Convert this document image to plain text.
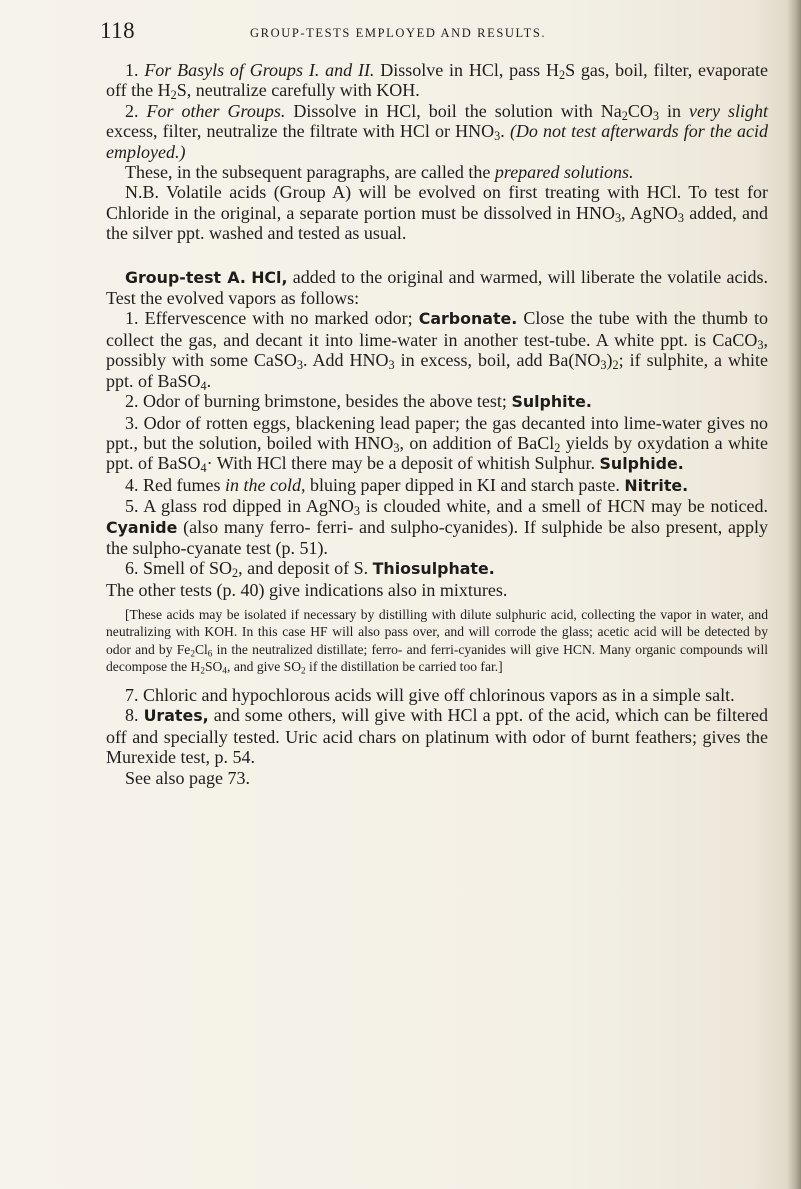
118	GROUP-TESTS EMPLOYED AND RESULTS.

1. For Basyls of Groups I. and II. Dissolve in HCl, pass $H_2S$ gas, boil, filter, evaporate off the $H_2S$, neutralize carefully with KOH.

2. For other Groups. Dissolve in HCl, boil the solution with $Na_2CO_3$ in very slight excess, filter, neutralize the filtrate with HCl or $HNO_3$. (Do not test afterwards for the acid employed.)

These, in the subsequent paragraphs, are called the prepared solutions.

N.B. Volatile acids (Group A) will be evolved on first treating with HCl. To test for Chloride in the original, a separate portion must be dissolved in $HNO_3$, AgNO$_3$ added, and the silver ppt. washed and tested as usual.

Group-test A. HCl, added to the original and warmed, will liberate the volatile acids. Test the evolved vapors as follows:

1. Effervescence with no marked odor; Carbonate. Close the tube with the thumb to collect the gas, and decant it into lime-water in another test-tube. A white ppt. is CaCO$_3$, possibly with some CaSO$_3$. Add $HNO_3$ in excess, boil, add $Ba(NO_3)_2$; if sulphite, a white ppt. of BaSO$_4$.

2. Odor of burning brimstone, besides the above test; Sulphite.

3. Odor of rotten eggs, blackening lead paper; the gas decanted into lime-water gives no ppt., but the solution, boiled with $HNO_3$, on addition of BaCl$_2$ yields by oxydation a white ppt. of BaSO$_4$· With HCl there may be a deposit of whitish Sulphur. Sulphide.

4. Red fumes in the cold, bluing paper dipped in KI and starch paste. Nitrite.

5. A glass rod dipped in AgNO$_3$ is clouded white, and a smell of HCN may be noticed. Cyanide (also many ferro- ferri- and sulpho-cyanides). If sulphide be also present, apply the sulpho-cyanate test (p. 51).

6. Smell of $SO_2$, and deposit of S. Thiosulphate.

The other tests (p. 40) give indications also in mixtures.

[These acids may be isolated if necessary by distilling with dilute sulphuric acid, collecting the vapor in water, and neutralizing with KOH. In this case HF will also pass over, and will corrode the glass; acetic acid will be detected by odor and by $Fe_2Cl_6$ in the neutralized distillate; ferro- and ferri-cyanides will give HCN. Many organic compounds will decompose the $H_2SO_4$, and give $SO_2$ if the distillation be carried too far.]

7. Chloric and hypochlorous acids will give off chlorinous vapors as in a simple salt.

8. Urates, and some others, will give with HCl a ppt. of the acid, which can be filtered off and specially tested. Uric acid chars on platinum with odor of burnt feathers; gives the Murexide test, p. 54.

See also page 73.
